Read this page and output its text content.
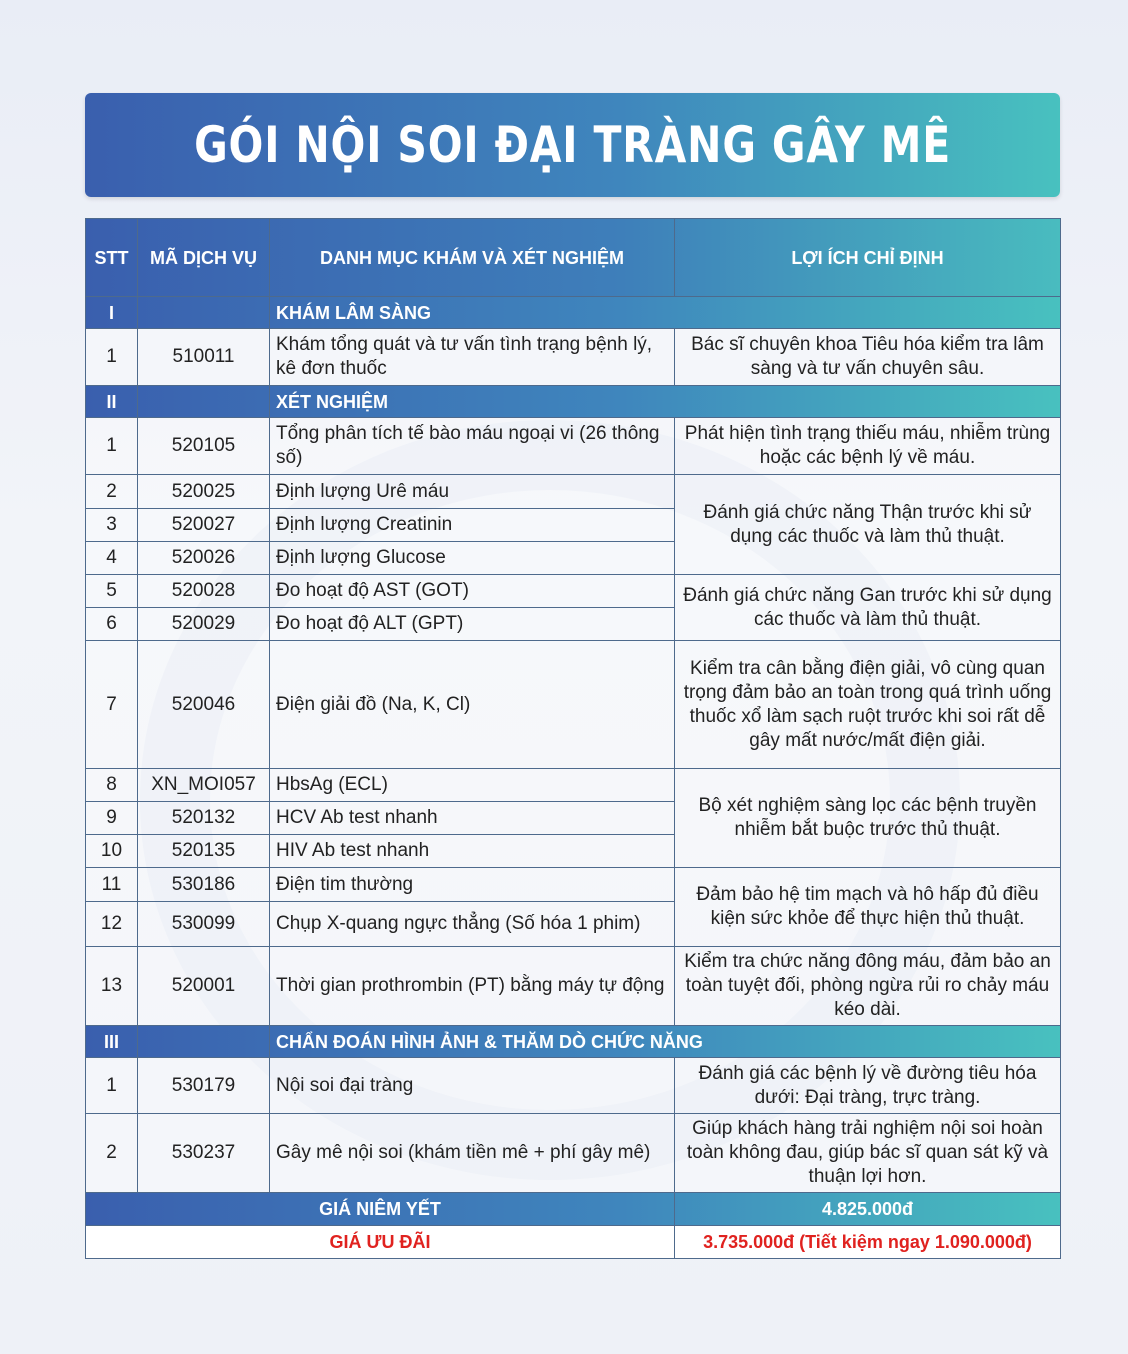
GÓI NỘI SOI ĐẠI TRÀNG GÂY MÊ
STT	MÃ DỊCH VỤ	DANH MỤC KHÁM VÀ XÉT NGHIỆM	LỢI ÍCH CHỈ ĐỊNH
I		KHÁM LÂM SÀNG	
1	510011	Khám tổng quát và tư vấn tình trạng bệnh lý, kê đơn thuốc	Bác sĩ chuyên khoa Tiêu hóa kiểm tra lâm sàng và tư vấn chuyên sâu.
II		XÉT NGHIỆM	
1	520105	Tổng phân tích tế bào máu ngoại vi (26 thông số)	Phát hiện tình trạng thiếu máu, nhiễm trùng hoặc các bệnh lý về máu.
2	520025	Định lượng Urê máu	Đánh giá chức năng Thận trước khi sử dụng các thuốc và làm thủ thuật.
3	520027	Định lượng Creatinin	
4	520026	Định lượng Glucose	
5	520028	Đo hoạt độ AST (GOT)	Đánh giá chức năng Gan trước khi sử dụng các thuốc và làm thủ thuật.
6	520029	Đo hoạt độ ALT (GPT)	
7	520046	Điện giải đồ (Na, K, Cl)	Kiểm tra cân bằng điện giải, vô cùng quan trọng đảm bảo an toàn trong quá trình uống thuốc xổ làm sạch ruột trước khi soi rất dễ gây mất nước/mất điện giải.
8	XN_MOI057	HbsAg (ECL)	Bộ xét nghiệm sàng lọc các bệnh truyền nhiễm bắt buộc trước thủ thuật.
9	520132	HCV Ab test nhanh	
10	520135	HIV Ab test nhanh	
11	530186	Điện tim thường	Đảm bảo hệ tim mạch và hô hấp đủ điều kiện sức khỏe để thực hiện thủ thuật.
12	530099	Chụp X-quang ngực thẳng (Số hóa 1 phim)	
13	520001	Thời gian prothrombin (PT) bằng máy tự động	Kiểm tra chức năng đông máu, đảm bảo an toàn tuyệt đối, phòng ngừa rủi ro chảy máu kéo dài.
III		CHẨN ĐOÁN HÌNH ẢNH & THĂM DÒ CHỨC NĂNG	
1	530179	Nội soi đại tràng	Đánh giá các bệnh lý về đường tiêu hóa dưới: Đại tràng, trực tràng.
2	530237	Gây mê nội soi (khám tiền mê + phí gây mê)	Giúp khách hàng trải nghiệm nội soi hoàn toàn không đau, giúp bác sĩ quan sát kỹ và thuận lợi hơn.
GIÁ NIÊM YẾT			4.825.000đ
GIÁ ƯU ĐÃI			3.735.000đ (Tiết kiệm ngay 1.090.000đ)
